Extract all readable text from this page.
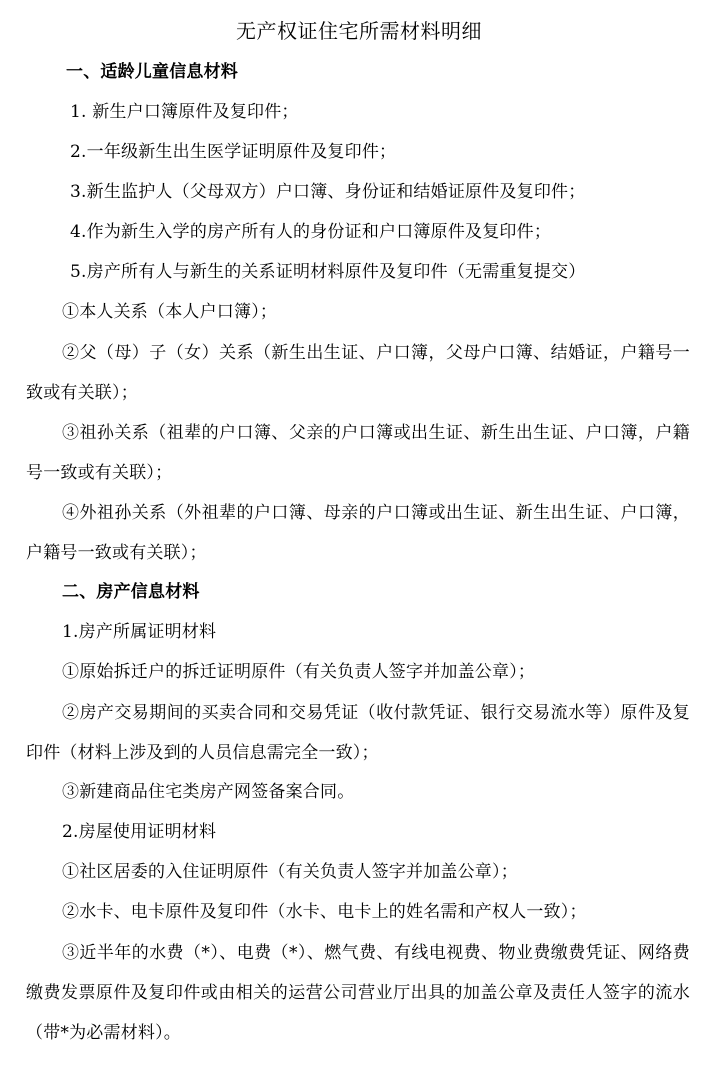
无产权证住宅所需材料明细
一、适龄儿童信息材料
1. 新生户口簿原件及复印件；
2.一年级新生出生医学证明原件及复印件；
3.新生监护人（父母双方）户口簿、身份证和结婚证原件及复印件；
4.作为新生入学的房产所有人的身份证和户口簿原件及复印件；
5.房产所有人与新生的关系证明材料原件及复印件（无需重复提交）
①本人关系（本人户口簿）；
②父（母）子（女）关系（新生出生证、户口簿，父母户口簿、结婚证，户籍号一致或有关联）；
③祖孙关系（祖辈的户口簿、父亲的户口簿或出生证、新生出生证、户口簿，户籍号一致或有关联）；
④外祖孙关系（外祖辈的户口簿、母亲的户口簿或出生证、新生出生证、户口簿，户籍号一致或有关联）；
二、房产信息材料
1.房产所属证明材料
①原始拆迁户的拆迁证明原件（有关负责人签字并加盖公章）；
②房产交易期间的买卖合同和交易凭证（收付款凭证、银行交易流水等）原件及复印件（材料上涉及到的人员信息需完全一致）；
③新建商品住宅类房产网签备案合同。
2.房屋使用证明材料
①社区居委的入住证明原件（有关负责人签字并加盖公章）；
②水卡、电卡原件及复印件（水卡、电卡上的姓名需和产权人一致）；
③近半年的水费（*）、电费（*）、燃气费、有线电视费、物业费缴费凭证、网络费缴费发票原件及复印件或由相关的运营公司营业厅出具的加盖公章及责任人签字的流水（带*为必需材料）。
